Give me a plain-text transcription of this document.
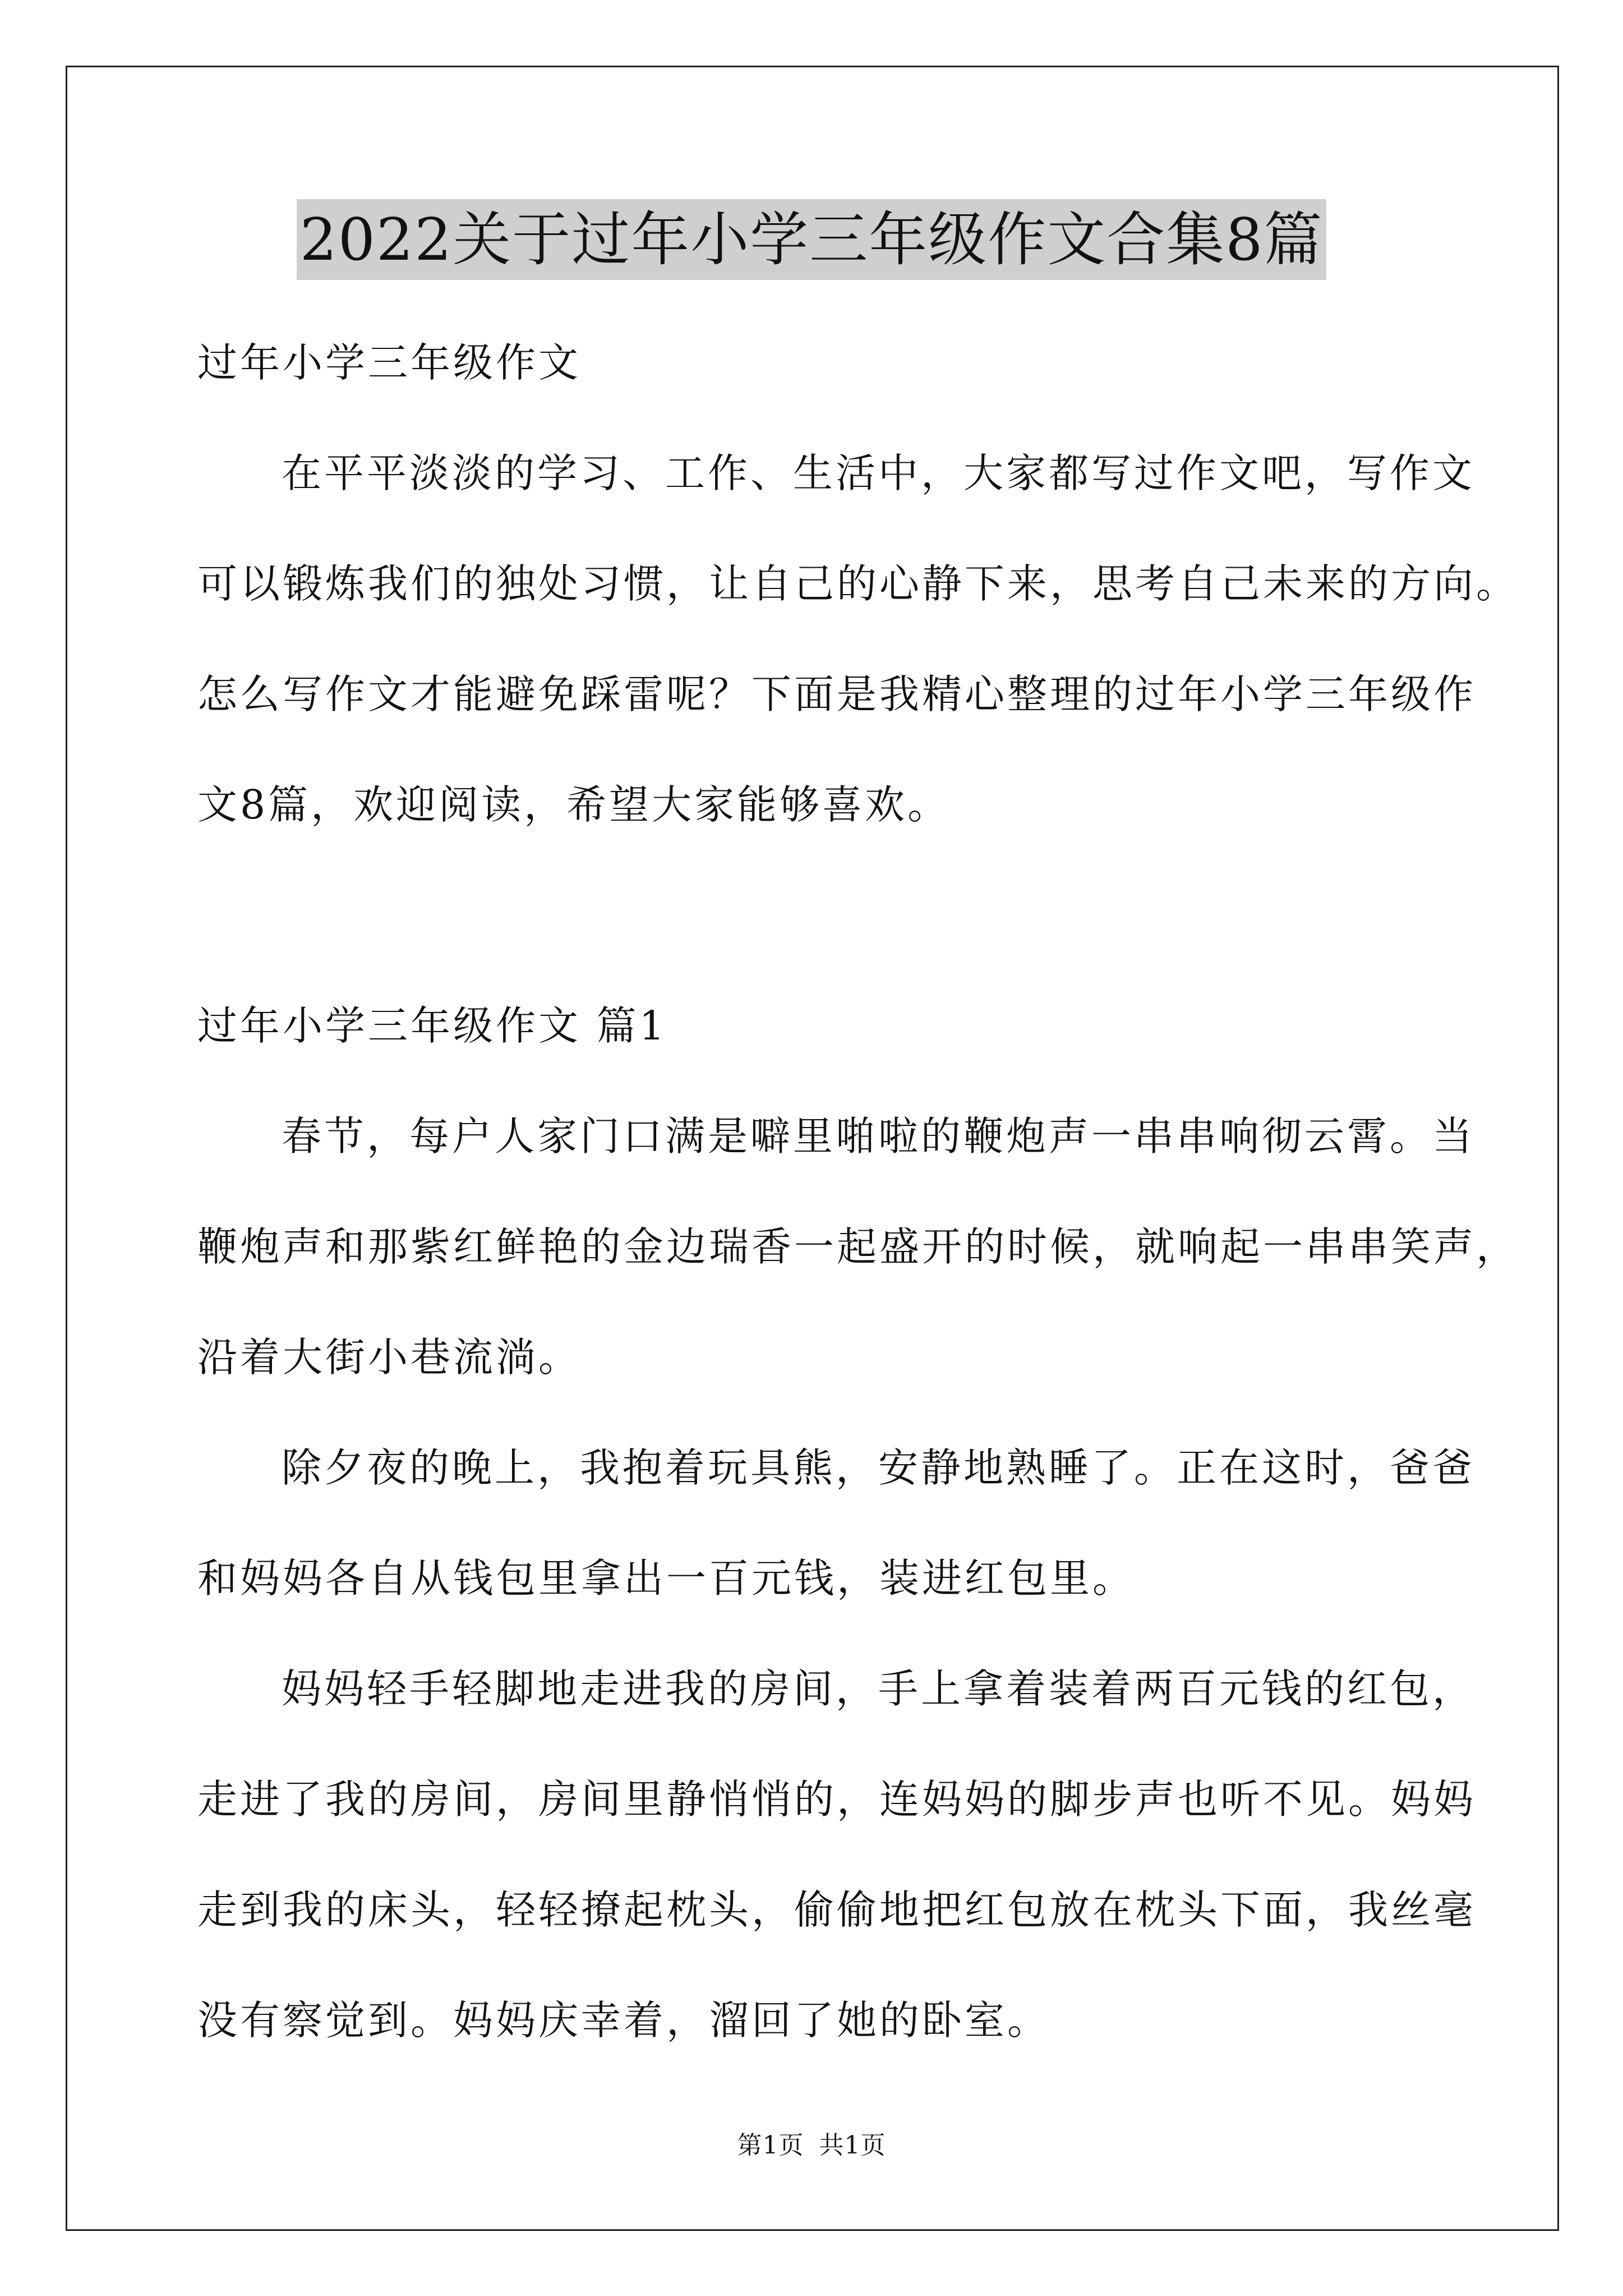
2022关于过年小学三年级作文合集8篇
过年小学三年级作文
在平平淡淡的学习、工作、生活中，大家都写过作文吧，写作文
可以锻炼我们的独处习惯，让自己的心静下来，思考自己未来的方向。
怎么写作文才能避免踩雷呢？下面是我精心整理的过年小学三年级作
文8篇，欢迎阅读，希望大家能够喜欢。
过年小学三年级作文 篇1
春节，每户人家门口满是噼里啪啦的鞭炮声一串串响彻云霄。当
鞭炮声和那紫红鲜艳的金边瑞香一起盛开的时候，就响起一串串笑声，
沿着大街小巷流淌。
除夕夜的晚上，我抱着玩具熊，安静地熟睡了。正在这时，爸爸
和妈妈各自从钱包里拿出一百元钱，装进红包里。
妈妈轻手轻脚地走进我的房间，手上拿着装着两百元钱的红包，
走进了我的房间，房间里静悄悄的，连妈妈的脚步声也听不见。妈妈
走到我的床头，轻轻撩起枕头，偷偷地把红包放在枕头下面，我丝毫
没有察觉到。妈妈庆幸着，溜回了她的卧室。
第1页 共1页
